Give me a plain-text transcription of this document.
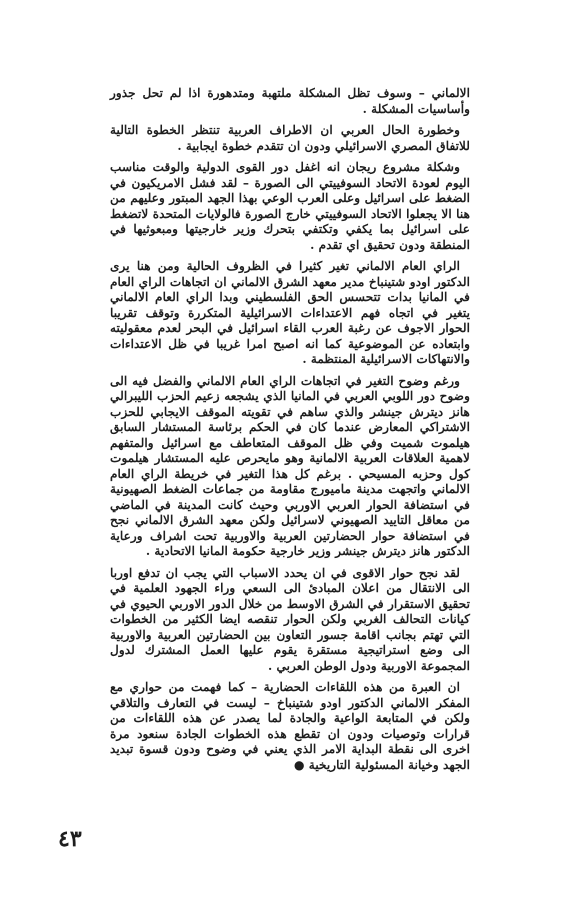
الالماني – وسوف تظل المشكلة ملتهبة ومتدهورة اذا لم تحل جذور وأساسيات المشكلة .

وخطورة الحال العربي ان الاطراف العربية تنتظر الخطوة التالية للاتفاق المصري الاسرائيلي ودون ان تتقدم خطوة ايجابية .

وشكلة مشروع ريجان انه اغفل دور القوى الدولية والوقت مناسب اليوم لعودة الاتحاد السوفييتي الى الصورة – لقد فشل الامريكيون في الضغط على اسرائيل وعلى العرب الوعي بهذا الجهد المبتور وعليهم من هنا الا يجعلوا الاتحاد السوفييتي خارج الصورة فالولايات المتحدة لاتضغط على اسرائيل بما يكفي وتكتفي بتحرك وزير خارجيتها ومبعوثيها في المنطقة ودون تحقيق اي تقدم .

الراي العام الالماني تغير كثيرا في الظروف الحالية ومن هنا يرى الدكتور اودو شتينباخ مدير معهد الشرق الالماني ان اتجاهات الراي العام في المانيا بدات تتحسس الحق الفلسطيني وبدا الراي العام الالماني يتغير في اتجاه فهم الاعتداءات الاسرائيلية المتكررة وتوقف تقريبا الحوار الاجوف عن رغبة العرب القاء اسرائيل في البحر لعدم معقوليته وابتعاده عن الموضوعية كما انه اصبح امرا غريبا في ظل الاعتداءات والانتهاكات الاسرائيلية المنتظمة .

ورغم وضوح التغير في اتجاهات الراي العام الالماني والفضل فيه الى وضوح دور اللوبي العربي في المانيا الذي يشجعه زعيم الحزب الليبرالي هانز ديترش جينشر والذي ساهم في تقويته الموقف الايجابي للحزب الاشتراكي المعارض عندما كان في الحكم برئاسة المستشار السابق هيلموت شميت وفي ظل الموقف المتعاطف مع اسرائيل والمتفهم لاهمية العلاقات العربية الالمانية وهو مايحرص عليه المستشار هيلموت كول وحزبه المسيحي . برغم كل هذا التغير في خريطة الراي العام الالماني واتجهت مدينة ماميورج مقاومة من جماعات الضغط الصهيونية في استضافة الحوار العربي الاوربي وحيث كانت المدينة في الماضي من معاقل التاييد الصهيوني لاسرائيل ولكن معهد الشرق الالماني نجح في استضافة حوار الحضارتين العربية والاوربية تحت اشراف ورعاية الدكتور هانز ديترش جينشر وزير خارجية حكومة المانيا الاتحادية .

لقد نجح حوار الاقوى في ان يحدد الاسباب التي يجب ان تدفع اوربا الى الانتقال من اعلان المبادئ الى السعي وراء الجهود العلمية في تحقيق الاستقرار في الشرق الاوسط من خلال الدور الاوربي الحيوي في كيانات التحالف الغربي ولكن الحوار تنقصه ايضا الكثير من الخطوات التي تهتم بجانب اقامة جسور التعاون بين الحضارتين العربية والاوربية الى وضع استراتيجية مستقرة يقوم عليها العمل المشترك لدول المجموعة الاوربية ودول الوطن العربي .

ان العبرة من هذه اللقاءات الحضارية – كما فهمت من حواري مع المفكر الالماني الدكتور اودو شتينباخ – ليست في التعارف والتلاقي ولكن في المتابعة الواعية والجادة لما يصدر عن هذه اللقاءات من قرارات وتوصيات ودون ان تقطع هذه الخطوات الجادة سنعود مرة اخرى الى نقطة البداية الامر الذي يعني في وضوح ودون قسوة تبديد الجهد وخيانة المسئولية التاريخية ●

٤٣
